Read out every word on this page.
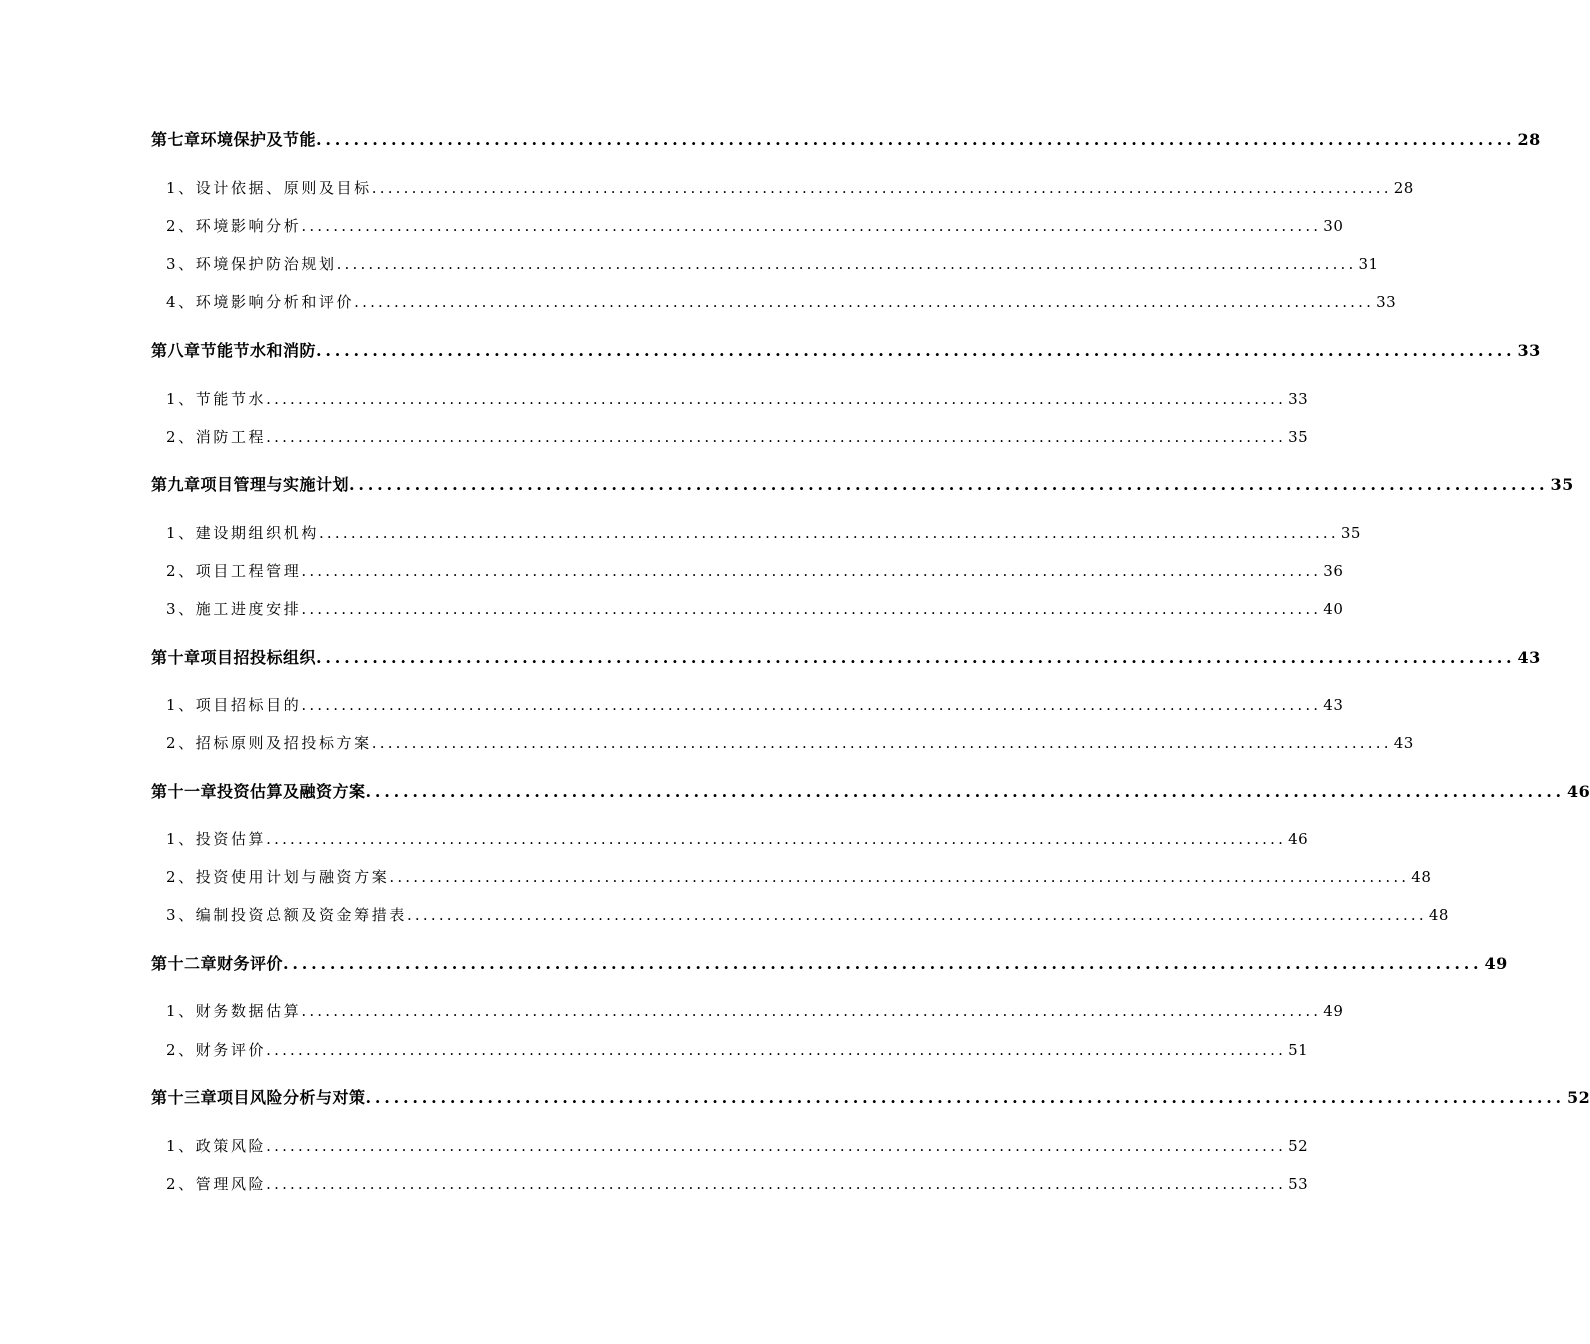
第七章 环境保护及节能 ................................................................................................................................ 28
1、 设计依据、原则及目标 ................................................................................................................................ 28
2、 环境影响分析 ................................................................................................................................ 30
3、 环境保护防治规划 ................................................................................................................................ 31
4、 环境影响分析和评价 ................................................................................................................................ 33
第八章 节能节水和消防 ................................................................................................................................ 33
1、 节能节水 ................................................................................................................................ 33
2、 消防工程 ................................................................................................................................ 35
第九章 项目管理与实施计划 ................................................................................................................................ 35
1、 建设期组织机构 ................................................................................................................................ 35
2、 项目工程管理 ................................................................................................................................ 36
3、 施工进度安排 ................................................................................................................................ 40
第十章 项目招投标组织 ................................................................................................................................ 43
1、 项目招标目的 ................................................................................................................................ 43
2、 招标原则及招投标方案 ................................................................................................................................ 43
第十一章 投资估算及融资方案 ................................................................................................................................ 46
1、 投资估算 ................................................................................................................................ 46
2、 投资使用计划与融资方案 ................................................................................................................................ 48
3、 编制投资总额及资金筹措表 ................................................................................................................................ 48
第十二章 财务评价 ................................................................................................................................ 49
1、 财务数据估算 ................................................................................................................................ 49
2、 财务评价 ................................................................................................................................ 51
第十三章 项目风险分析与对策 ................................................................................................................................ 52
1、 政策风险 ................................................................................................................................ 52
2、 管理风险 ................................................................................................................................ 53
